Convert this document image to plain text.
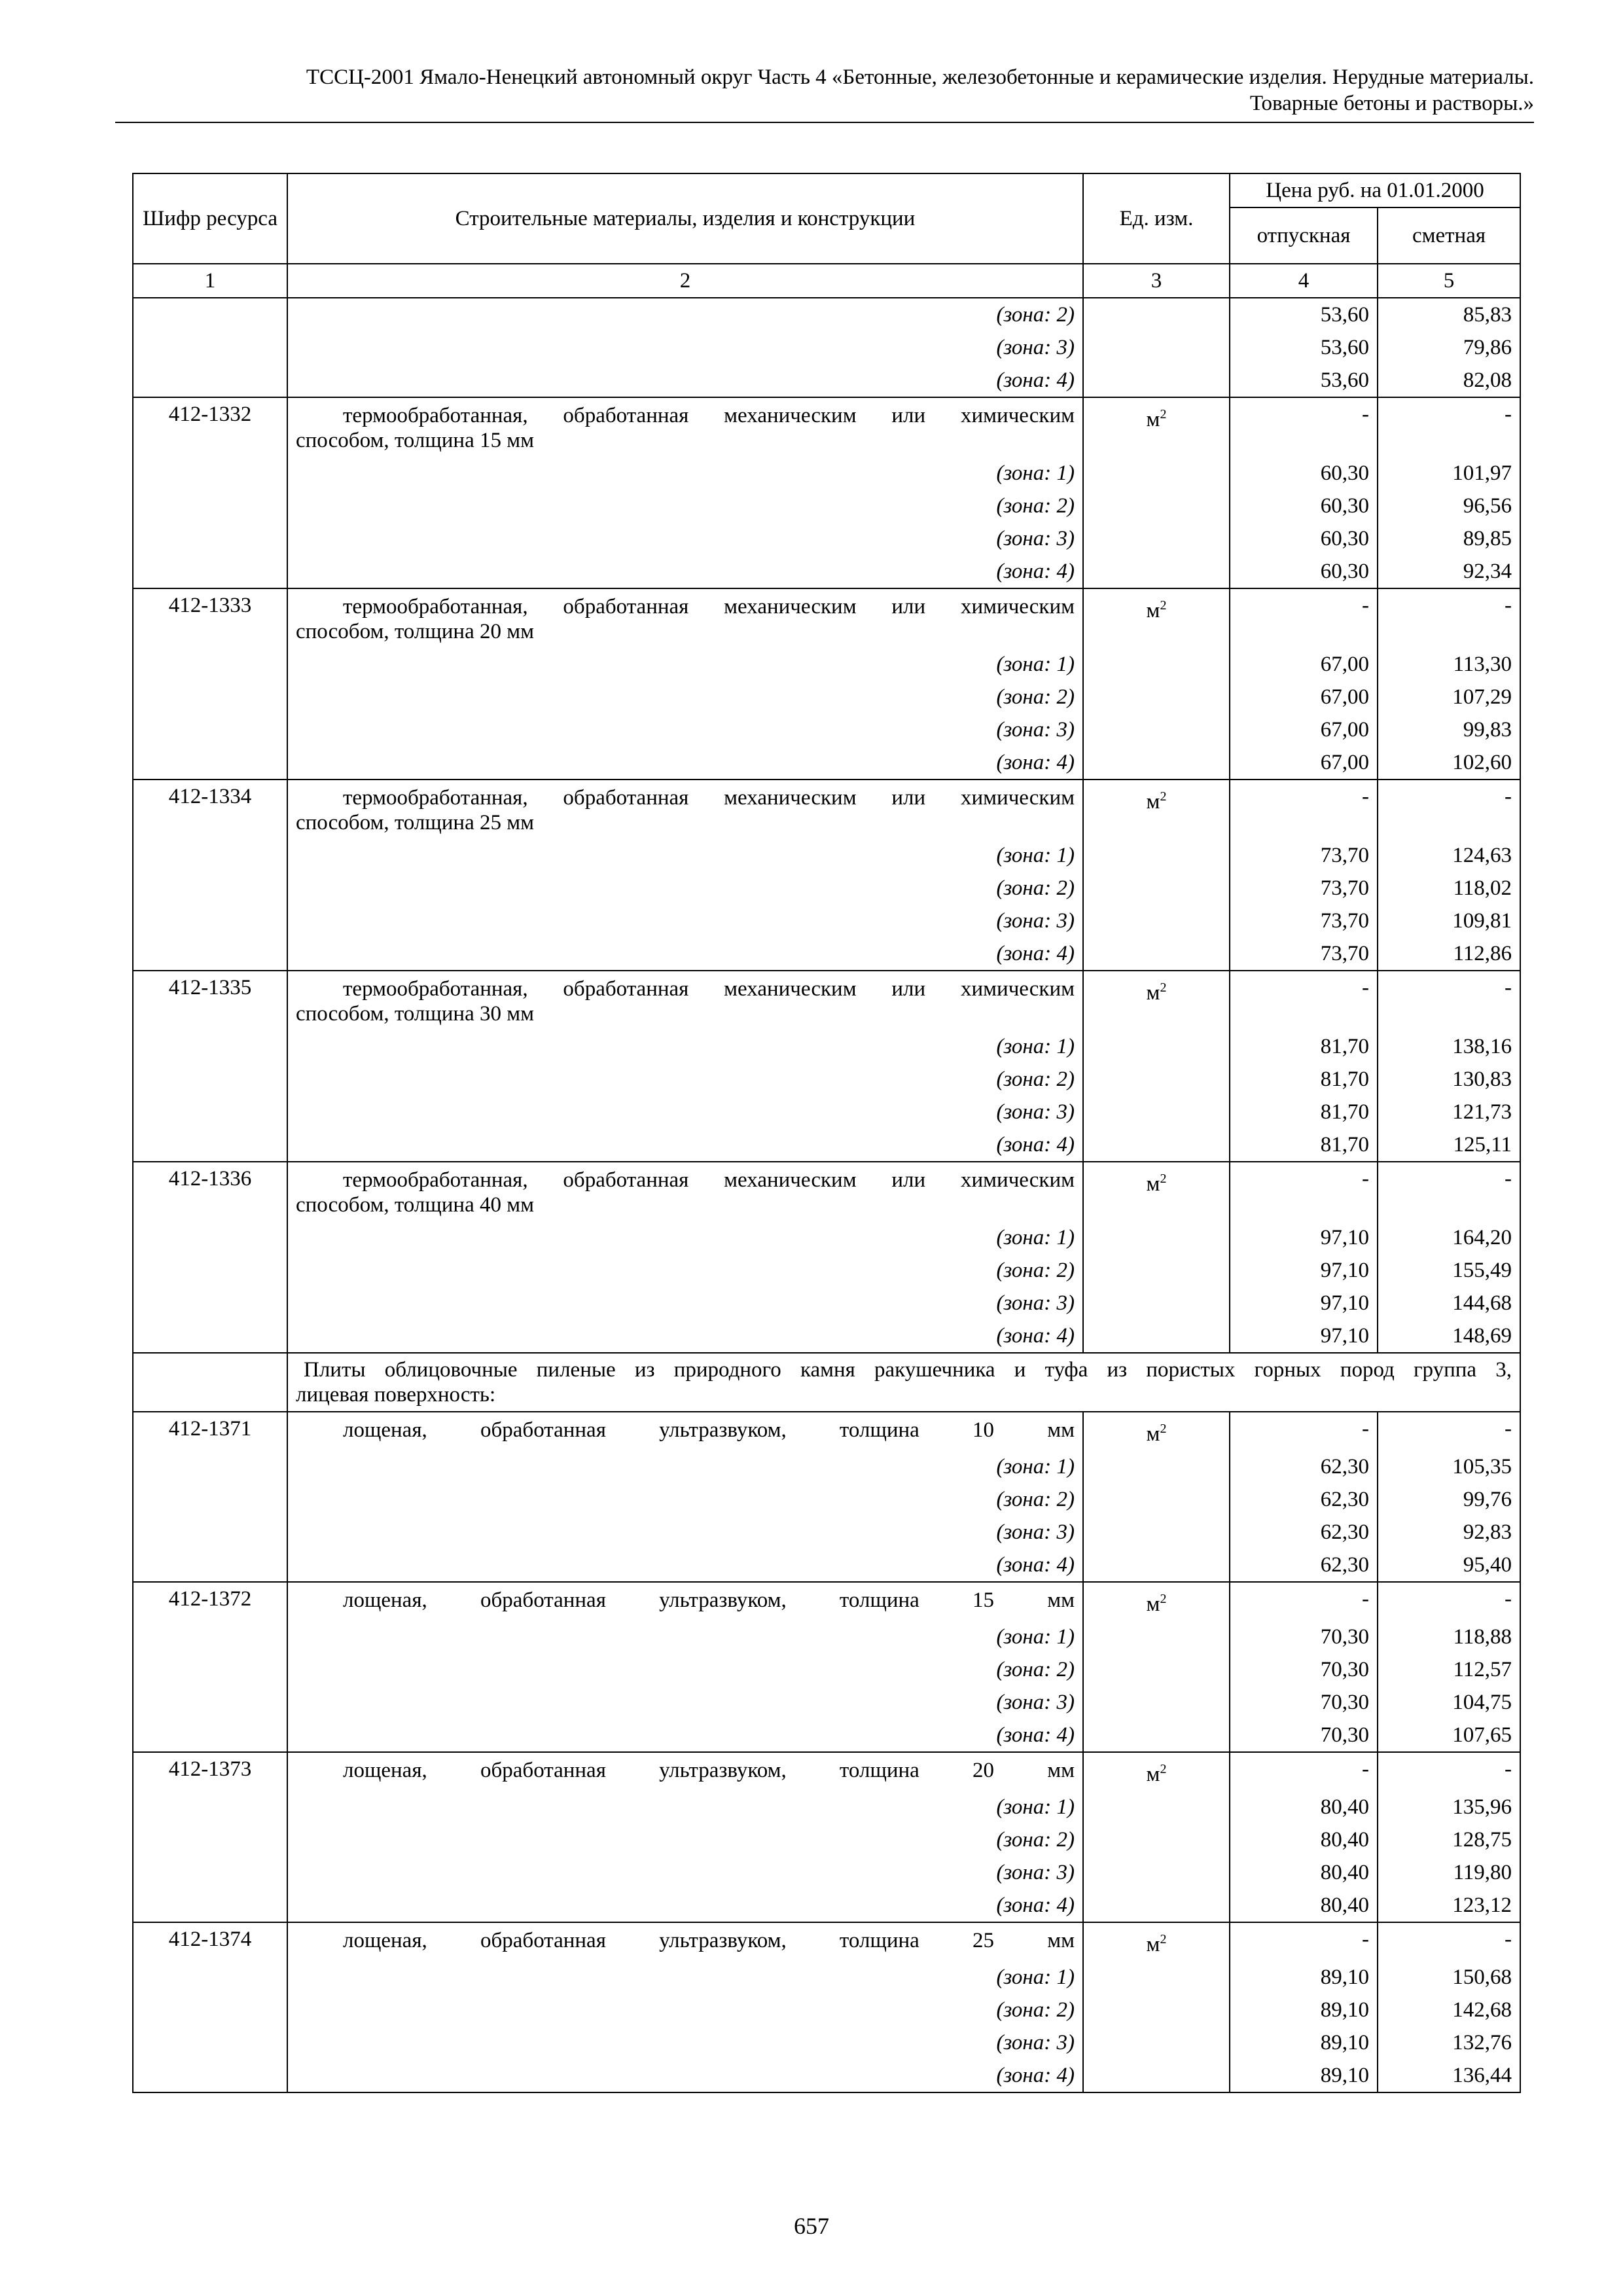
ТССЦ-2001 Ямало-Ненецкий автономный округ Часть 4 «Бетонные, железобетонные и керамические изделия. Нерудные материалы.
Товарные бетоны и растворы.»
Шифр ресурса	Строительные материалы, изделия и конструкции	Ед. изм.	Цена руб. на 01.01.2000	
			отпускная	сметная
1	2	3	4	5
	(зона: 2)		53,60	85,83
	(зона: 3)		53,60	79,86
	(зона: 4)		53,60	82,08
412-1332	термообработанная, обработанная механическим или химическим
способом, толщина 15 мм	$м^2$	-	-
	(зона: 1)		60,30	101,97
	(зона: 2)		60,30	96,56
	(зона: 3)		60,30	89,85
	(зона: 4)		60,30	92,34
412-1333	термообработанная, обработанная механическим или химическим
способом, толщина 20 мм	$м^2$	-	-
	(зона: 1)		67,00	113,30
	(зона: 2)		67,00	107,29
	(зона: 3)		67,00	99,83
	(зона: 4)		67,00	102,60
412-1334	термообработанная, обработанная механическим или химическим
способом, толщина 25 мм	$м^2$	-	-
	(зона: 1)		73,70	124,63
	(зона: 2)		73,70	118,02
	(зона: 3)		73,70	109,81
	(зона: 4)		73,70	112,86
412-1335	термообработанная, обработанная механическим или химическим
способом, толщина 30 мм	$м^2$	-	-
	(зона: 1)		81,70	138,16
	(зона: 2)		81,70	130,83
	(зона: 3)		81,70	121,73
	(зона: 4)		81,70	125,11
412-1336	термообработанная, обработанная механическим или химическим
способом, толщина 40 мм	$м^2$	-	-
	(зона: 1)		97,10	164,20
	(зона: 2)		97,10	155,49
	(зона: 3)		97,10	144,68
	(зона: 4)		97,10	148,69

	Плиты облицовочные пиленые из природного камня ракушечника и туфа из пористых горных пород группа 3,
лицевая поверхность:			

412-1371	лощеная, обработанная ультразвуком, толщина 10 мм	$м^2$	-	-
	(зона: 1)		62,30	105,35
	(зона: 2)		62,30	99,76
	(зона: 3)		62,30	92,83
	(зона: 4)		62,30	95,40
412-1372	лощеная, обработанная ультразвуком, толщина 15 мм	$м^2$	-	-
	(зона: 1)		70,30	118,88
	(зона: 2)		70,30	112,57
	(зона: 3)		70,30	104,75
	(зона: 4)		70,30	107,65
412-1373	лощеная, обработанная ультразвуком, толщина 20 мм	$м^2$	-	-
	(зона: 1)		80,40	135,96
	(зона: 2)		80,40	128,75
	(зона: 3)		80,40	119,80
	(зона: 4)		80,40	123,12
412-1374	лощеная, обработанная ультразвуком, толщина 25 мм	$м^2$	-	-
	(зона: 1)		89,10	150,68
	(зона: 2)		89,10	142,68
	(зона: 3)		89,10	132,76
	(зона: 4)		89,10	136,44
657
